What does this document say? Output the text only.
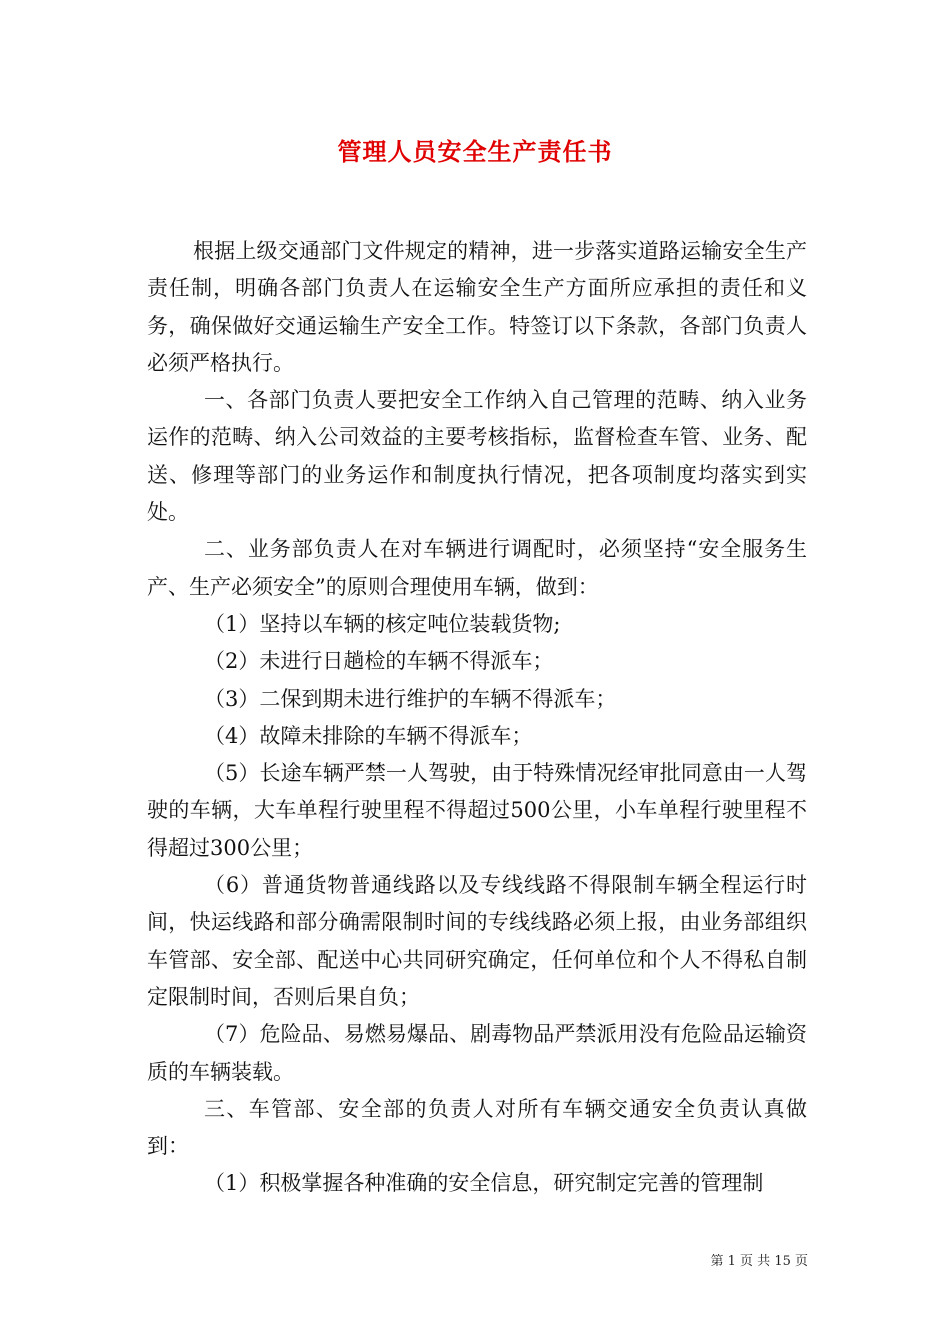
管理人员安全生产责任书

根据上级交通部门文件规定的精神，进一步落实道路运输安全生产责任制，明确各部门负责人在运输安全生产方面所应承担的责任和义务，确保做好交通运输生产安全工作。特签订以下条款，各部门负责人必须严格执行。

一、各部门负责人要把安全工作纳入自己管理的范畴、纳入业务运作的范畴、纳入公司效益的主要考核指标，监督检查车管、业务、配送、修理等部门的业务运作和制度执行情况，把各项制度均落实到实处。

二、业务部负责人在对车辆进行调配时，必须坚持“安全服务生产、生产必须安全”的原则合理使用车辆，做到：

（1）坚持以车辆的核定吨位装载货物;

（2）未进行日趟检的车辆不得派车；

（3）二保到期未进行维护的车辆不得派车；

（4）故障未排除的车辆不得派车；

（5）长途车辆严禁一人驾驶，由于特殊情况经审批同意由一人驾驶的车辆，大车单程行驶里程不得超过500公里，小车单程行驶里程不得超过300公里；

（6）普通货物普通线路以及专线线路不得限制车辆全程运行时间，快运线路和部分确需限制时间的专线线路必须上报，由业务部组织车管部、安全部、配送中心共同研究确定，任何单位和个人不得私自制定限制时间，否则后果自负；

（7）危险品、易燃易爆品、剧毒物品严禁派用没有危险品运输资质的车辆装载。

三、车管部、安全部的负责人对所有车辆交通安全负责认真做到：

（1）积极掌握各种准确的安全信息，研究制定完善的管理制

第 1 页 共 15 页
